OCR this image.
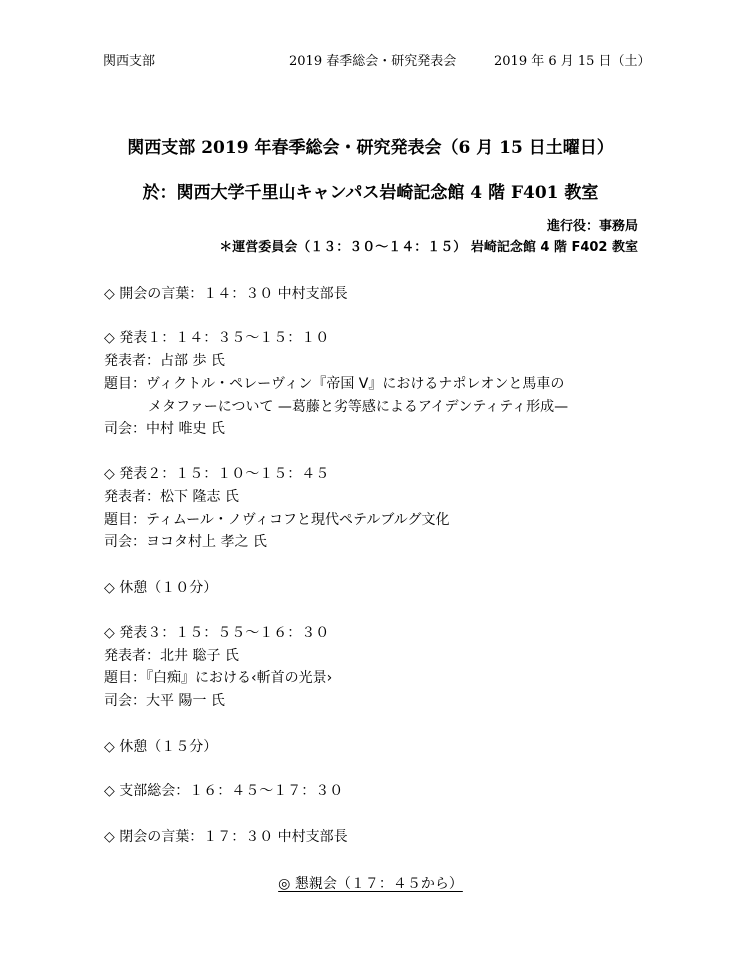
関西支部	2019 春季総会・研究発表会	2019 年 6 月 15 日（土）
関西支部 2019 年春季総会・研究発表会（6 月 15 日土曜日）
於：関西大学千里山キャンパス岩崎記念館 4 階 F401 教室
進行役：事務局
＊運営委員会（１３：３０～１４：１５） 岩崎記念館 4 階 F402 教室
◇ 開会の言葉：１４：３０ 中村支部長
◇ 発表１：１４：３５～１５：１０
発表者：占部 歩 氏
題目：ヴィクトル・ペレーヴィン『帝国 V』におけるナポレオンと馬車の
メタファーについて —葛藤と劣等感によるアイデンティティ形成—
司会：中村 唯史 氏
◇ 発表２：１５：１０～１５：４５
発表者：松下 隆志 氏
題目：ティムール・ノヴィコフと現代ペテルブルグ文化
司会：ヨコタ村上 孝之 氏
◇ 休憩（１０分）
◇ 発表３：１５：５５～１６：３０
発表者：北井 聡子 氏
題目：『白痴』における‹斬首の光景›
司会：大平 陽一 氏
◇ 休憩（１５分）
◇ 支部総会：１６：４５～１７：３０
◇ 閉会の言葉：１７：３０ 中村支部長
◎ 懇親会（１７：４５から）
